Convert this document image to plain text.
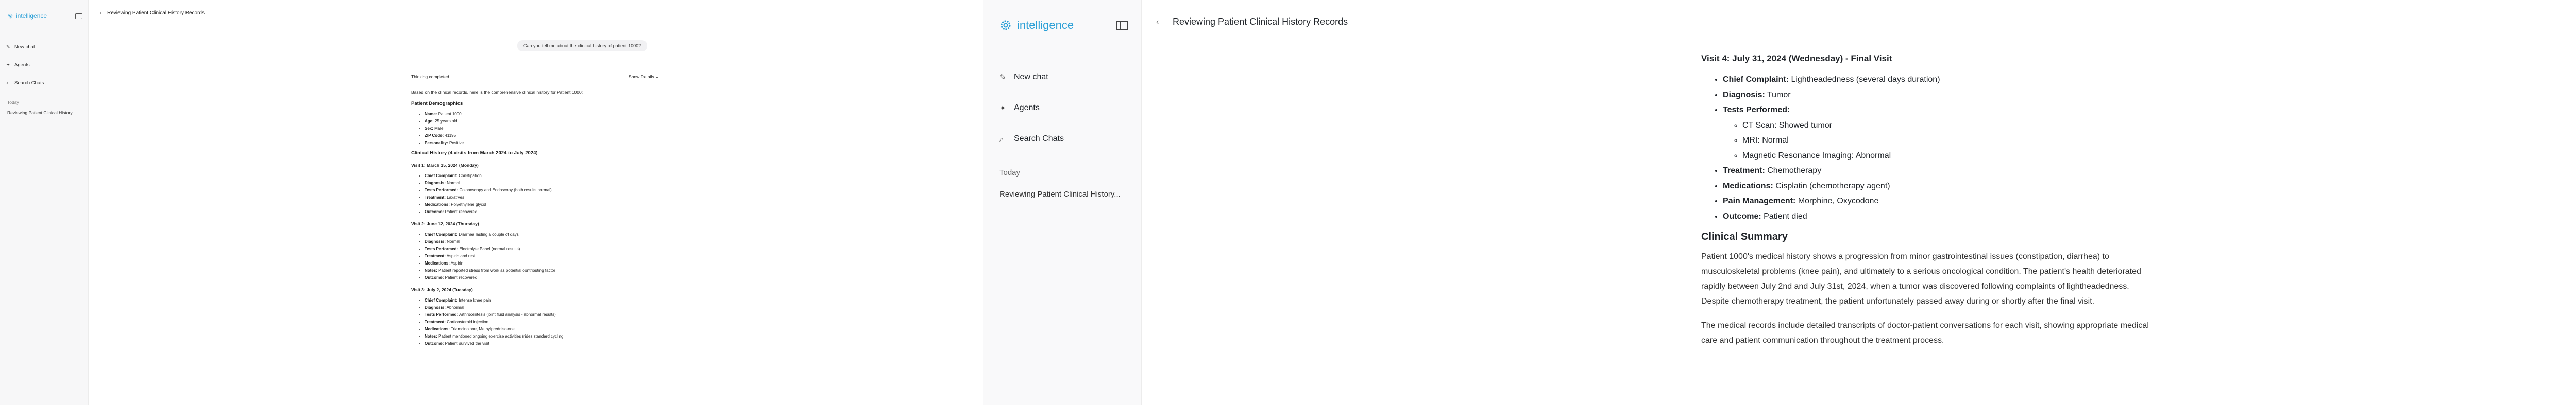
intelligence
✎ New chat
✦ Agents
⌕	Search Chats
Today
Reviewing Patient Clinical History...
‹ Reviewing Patient Clinical History Records
Can you tell me about the clinical history of patient 1000?
Thinking completed	Show Details ⌄

Based on the clinical records, here is the comprehensive clinical history for Patient 1000:

Patient Demographics
• Name: Patient 1000
• Age: 25 years old
• Sex: Male
• ZIP Code: 41195
• Personality: Positive
Clinical History (4 visits from March 2024 to July 2024)
Visit 1: March 15, 2024 (Monday)
• Chief Complaint: Constipation
• Diagnosis: Normal
• Tests Performed: Colonoscopy and Endoscopy (both results normal)
• Treatment: Laxatives
• Medications: Polyethylene glycol
• Outcome: Patient recovered
Visit 2: June 12, 2024 (Thursday)
• Chief Complaint: Diarrhea lasting a couple of days
• Diagnosis: Normal
• Tests Performed: Electrolyte Panel (normal results)
• Treatment: Aspirin and rest
• Medications: Aspirin
• Notes: Patient reported stress from work as potential contributing factor
• Outcome: Patient recovered
Visit 3: July 2, 2024 (Tuesday)
• Chief Complaint: Intense knee pain
• Diagnosis: Abnormal
• Tests Performed: Arthrocentesis (joint fluid analysis - abnormal results)
• Treatment: Corticosteroid injection
• Medications: Triamcinolone, Methylprednisolone
• Notes: Patient mentioned ongoing exercise activities (rides standard cycling
• Outcome: Patient survived the visit
intelligence
✎ New chat
✦ Agents
⌕	Search Chats
Today
Reviewing Patient Clinical History...
‹ Reviewing Patient Clinical History Records
Visit 4: July 31, 2024 (Wednesday) - Final Visit
• Chief Complaint: Lightheadedness (several days duration)
• Diagnosis: Tumor
• Tests Performed:
◦ CT Scan: Showed tumor
◦ MRI: Normal
◦ Magnetic Resonance Imaging: Abnormal
• Treatment: Chemotherapy
• Medications: Cisplatin (chemotherapy agent)
• Pain Management: Morphine, Oxycodone
• Outcome: Patient died
Clinical Summary

Patient 1000's medical history shows a progression from minor gastrointestinal issues (constipation, diarrhea) to musculoskeletal problems (knee pain), and ultimately to a serious oncological condition. The patient's health deteriorated rapidly between July 2nd and July 31st, 2024, when a tumor was discovered following complaints of lightheadedness. Despite chemotherapy treatment, the patient unfortunately passed away during or shortly after the final visit.

The medical records include detailed transcripts of doctor-patient conversations for each visit, showing appropriate medical care and patient communication throughout the treatment process.
